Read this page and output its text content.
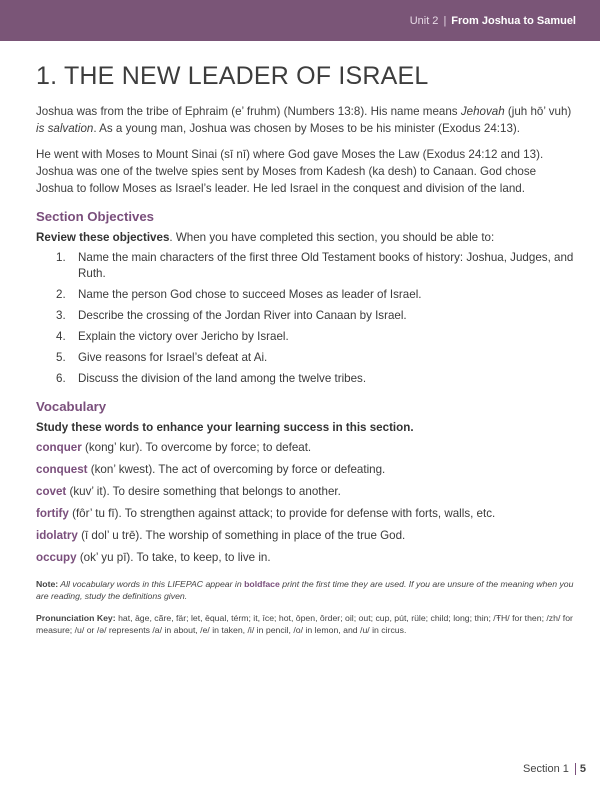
Unit 2 | From Joshua to Samuel
1. THE NEW LEADER OF ISRAEL

Joshua was from the tribe of Ephraim (e’ fruhm) (Numbers 13:8). His name means Jehovah (juh hō’ vuh) is salvation. As a young man, Joshua was chosen by Moses to be his minister (Exodus 24:13).

He went with Moses to Mount Sinai (sī nī) where God gave Moses the Law (Exodus 24:12 and 13). Joshua was one of the twelve spies sent by Moses from Kadesh (ka desh) to Canaan. God chose Joshua to follow Moses as Israel’s leader. He led Israel in the conquest and division of the land.

Section Objectives

Review these objectives. When you have completed this section, you should be able to:

1.	Name the main characters of the first three Old Testament books of history: Joshua, Judges, and Ruth.
2.	Name the person God chose to succeed Moses as leader of Israel.
3.	Describe the crossing of the Jordan River into Canaan by Israel.
4.	Explain the victory over Jericho by Israel.
5.	Give reasons for Israel’s defeat at Ai.
6.	Discuss the division of the land among the twelve tribes.
Vocabulary

Study these words to enhance your learning success in this section.

conquer (kong’ kur). To overcome by force; to defeat.

conquest (kon’ kwest). The act of overcoming by force or defeating.

covet (kuv’ it). To desire something that belongs to another.

fortify (fôr’ tu fī). To strengthen against attack; to provide for defense with forts, walls, etc.

idolatry (ī dol’ u trē). The worship of something in place of the true God.

occupy (ok’ yu pī). To take, to keep, to live in.

Note: All vocabulary words in this LIFEPAC appear in boldface print the first time they are used. If you are unsure of the meaning when you are reading, study the definitions given.

Pronunciation Key: hat, āge, cãre, fär; let, ēqual, térm; it, īce; hot, ōpen, ôrder; oil; out; cup, pút, rüle; child; long; thin; /ŦH/ for then; /zh/ for measure; /u/ or /ə/ represents /a/ in about, /e/ in taken, /i/ in pencil, /o/ in lemon, and /u/ in circus.

Section 1 5
